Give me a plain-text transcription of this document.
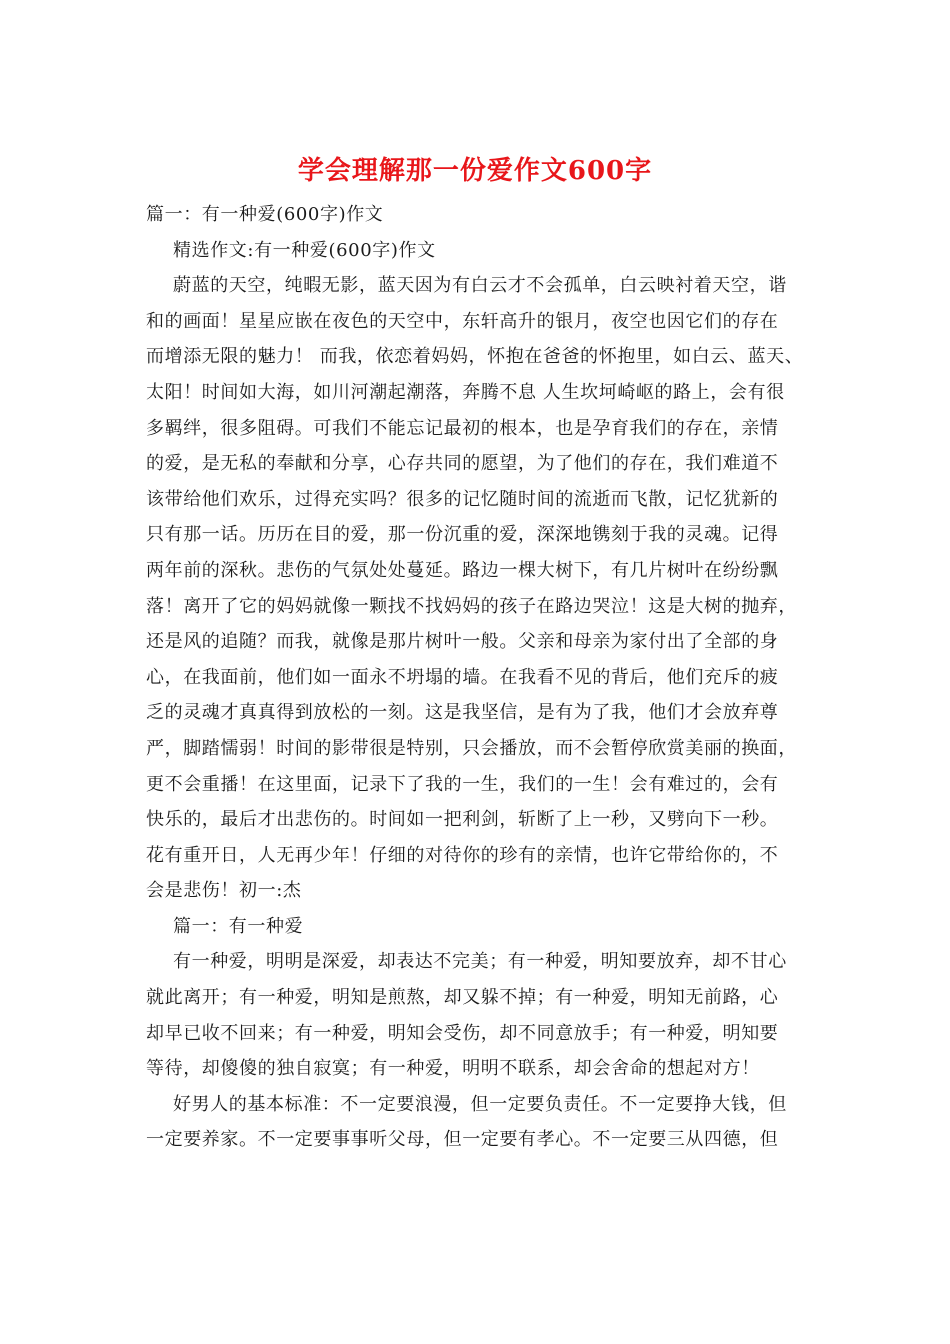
学会理解那一份爱作文600字
篇一：有一种爱(600字)作文
精选作文:有一种爱(600字)作文
蔚蓝的天空，纯暇无影，蓝天因为有白云才不会孤单，白云映衬着天空，谐
和的画面！星星应嵌在夜色的天空中，东轩高升的银月，夜空也因它们的存在
而增添无限的魅力！ 而我，依恋着妈妈，怀抱在爸爸的怀抱里，如白云、蓝天、
太阳！时间如大海，如川河潮起潮落，奔腾不息 人生坎坷崎岖的路上，会有很
多羁绊，很多阻碍。可我们不能忘记最初的根本，也是孕育我们的存在，亲情
的爱，是无私的奉献和分享，心存共同的愿望，为了他们的存在，我们难道不
该带给他们欢乐，过得充实吗？很多的记忆随时间的流逝而飞散，记忆犹新的
只有那一话。历历在目的爱，那一份沉重的爱，深深地镌刻于我的灵魂。记得
两年前的深秋。悲伤的气氛处处蔓延。路边一棵大树下，有几片树叶在纷纷飘
落！离开了它的妈妈就像一颗找不找妈妈的孩子在路边哭泣！这是大树的抛弃，
还是风的追随？而我，就像是那片树叶一般。父亲和母亲为家付出了全部的身
心，在我面前，他们如一面永不坍塌的墙。在我看不见的背后，他们充斥的疲
乏的灵魂才真真得到放松的一刻。这是我坚信，是有为了我，他们才会放弃尊
严，脚踏懦弱！时间的影带很是特别，只会播放，而不会暂停欣赏美丽的换面，
更不会重播！在这里面，记录下了我的一生，我们的一生！会有难过的，会有
快乐的，最后才出悲伤的。时间如一把利剑，斩断了上一秒，又劈向下一秒。
花有重开日，人无再少年！仔细的对待你的珍有的亲情，也许它带给你的，不
会是悲伤！初一:杰
篇一：有一种爱
有一种爱，明明是深爱，却表达不完美；有一种爱，明知要放弃，却不甘心
就此离开；有一种爱，明知是煎熬，却又躲不掉；有一种爱，明知无前路，心
却早已收不回来；有一种爱，明知会受伤，却不同意放手；有一种爱，明知要
等待，却傻傻的独自寂寞；有一种爱，明明不联系，却会舍命的想起对方！
好男人的基本标准：不一定要浪漫，但一定要负责任。不一定要挣大钱，但
一定要养家。不一定要事事听父母，但一定要有孝心。不一定要三从四德，但
